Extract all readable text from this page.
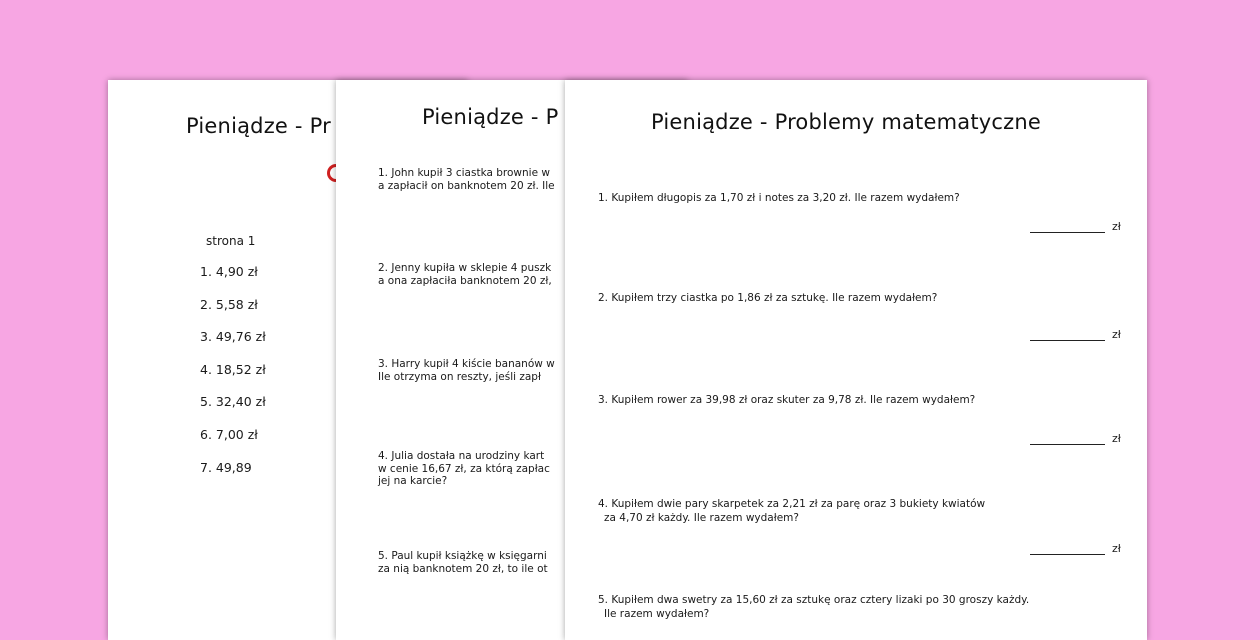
Pieniądze - Pr
strona 1
1. 4,90 zł
2. 5,58 zł
3. 49,76 zł
4. 18,52 zł
5. 32,40 zł
6. 7,00 zł
7. 49,89
Pieniądze - P
1. John kupił 3 ciastka brownie w
a zapłacił on banknotem 20 zł. Ile
2. Jenny kupiła w sklepie 4 puszk
a ona zapłaciła banknotem 20 zł,
3. Harry kupił 4 kiście bananów w
Ile otrzyma on reszty, jeśli zapł
4. Julia dostała na urodziny kart
w cenie 16,67 zł, za którą zapłac
jej na karcie?
5. Paul kupił książkę w księgarni
za nią banknotem 20 zł, to ile ot
Pieniądze - Problemy matematyczne
1. Kupiłem długopis za 1,70 zł i notes za 3,20 zł. Ile razem wydałem?
zł
2. Kupiłem trzy ciastka po 1,86 zł za sztukę. Ile razem wydałem?
zł
3. Kupiłem rower za 39,98 zł oraz skuter za 9,78 zł. Ile razem wydałem?
zł
4. Kupiłem dwie pary skarpetek za 2,21 zł za parę oraz 3 bukiety kwiatów
za 4,70 zł każdy. Ile razem wydałem?
zł
5. Kupiłem dwa swetry za 15,60 zł za sztukę oraz cztery lizaki po 30 groszy każdy.
Ile razem wydałem?
